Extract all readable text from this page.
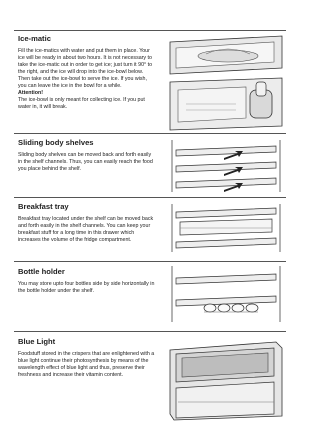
Ice-matic

Fill the ice-matics with water and put them in place. Your ice will be ready in about two hours. It is not necessary to take the ice-matic out in order to get ice; just turn it 90° to the right, and the ice will drop into the ice-bowl below. Then take out the ice-bowl to serve the ice. If you wish, you can leave the ice in the bowl for a while.

Attention!

The ice-bowl is only meant for collecting ice. If you put water in, it will break.

Sliding body shelves

Sliding body shelves can be moved back and forth easily in the shelf channels. Thus, you can easily reach the food you place behind the shelf.

Breakfast tray

Breakfast tray located under the shelf can be moved back and forth easily in the shelf channels. You can keep your breakfast stuff for a long time in this drawer which increases the volume of the fridge compartment.

Bottle holder

You may store upto four bottles side by side horizontally in the bottle holder under the shelf.

Blue Light

Foodstuff stored in the crispers that are enlightened with a blue light continue their photosynthesis by means of the wavelength effect of blue light and thus, preserve their freshness and increase their vitamin content.
